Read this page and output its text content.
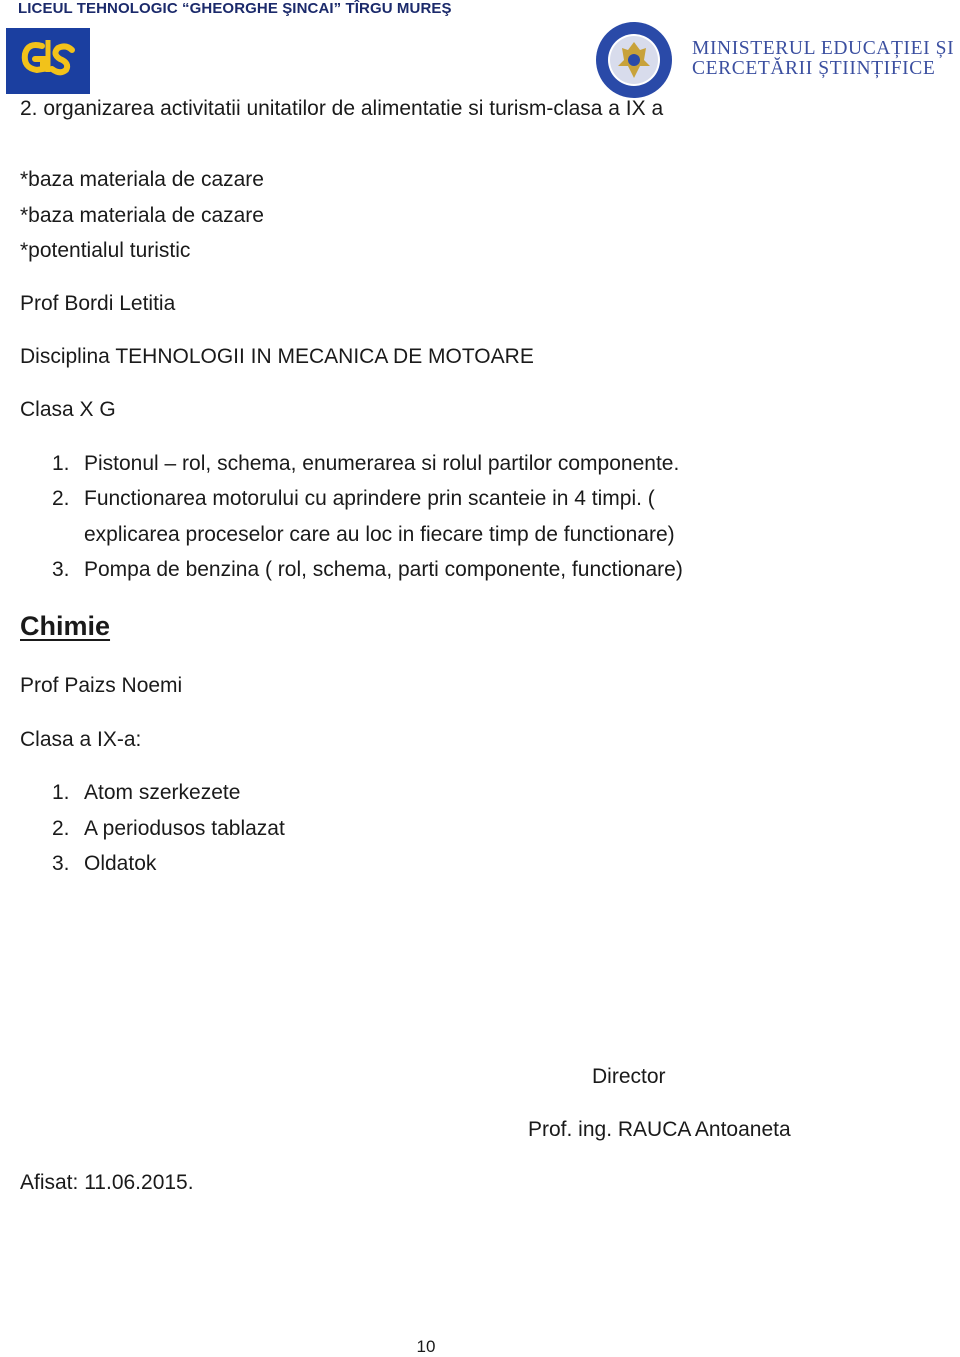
LICEUL TEHNOLOGIC “GHEORGHE ŞINCAI” TÎRGU MUREŞ
MINISTERUL EDUCAȚIEI ȘI
CERCETĂRII ȘTIINȚIFICE
2. organizarea activitatii unitatilor de alimentatie si turism-clasa a IX a
*baza materiala de cazare
*baza materiala de cazare
*potentialul turistic
Prof Bordi Letitia
Disciplina TEHNOLOGII IN MECANICA DE MOTOARE
Clasa X G
1. Pistonul – rol, schema, enumerarea si rolul partilor componente.
2. Functionarea motorului cu aprindere prin scanteie in 4 timpi. (
explicarea proceselor care au loc in fiecare timp de functionare)
3. Pompa de benzina ( rol, schema, parti componente, functionare)
Chimie
Prof Paizs Noemi
Clasa a IX-a:
1. Atom szerkezete
2. A periodusos tablazat
3. Oldatok
Director
Prof. ing. RAUCA Antoaneta
Afisat: 11.06.2015.
10
